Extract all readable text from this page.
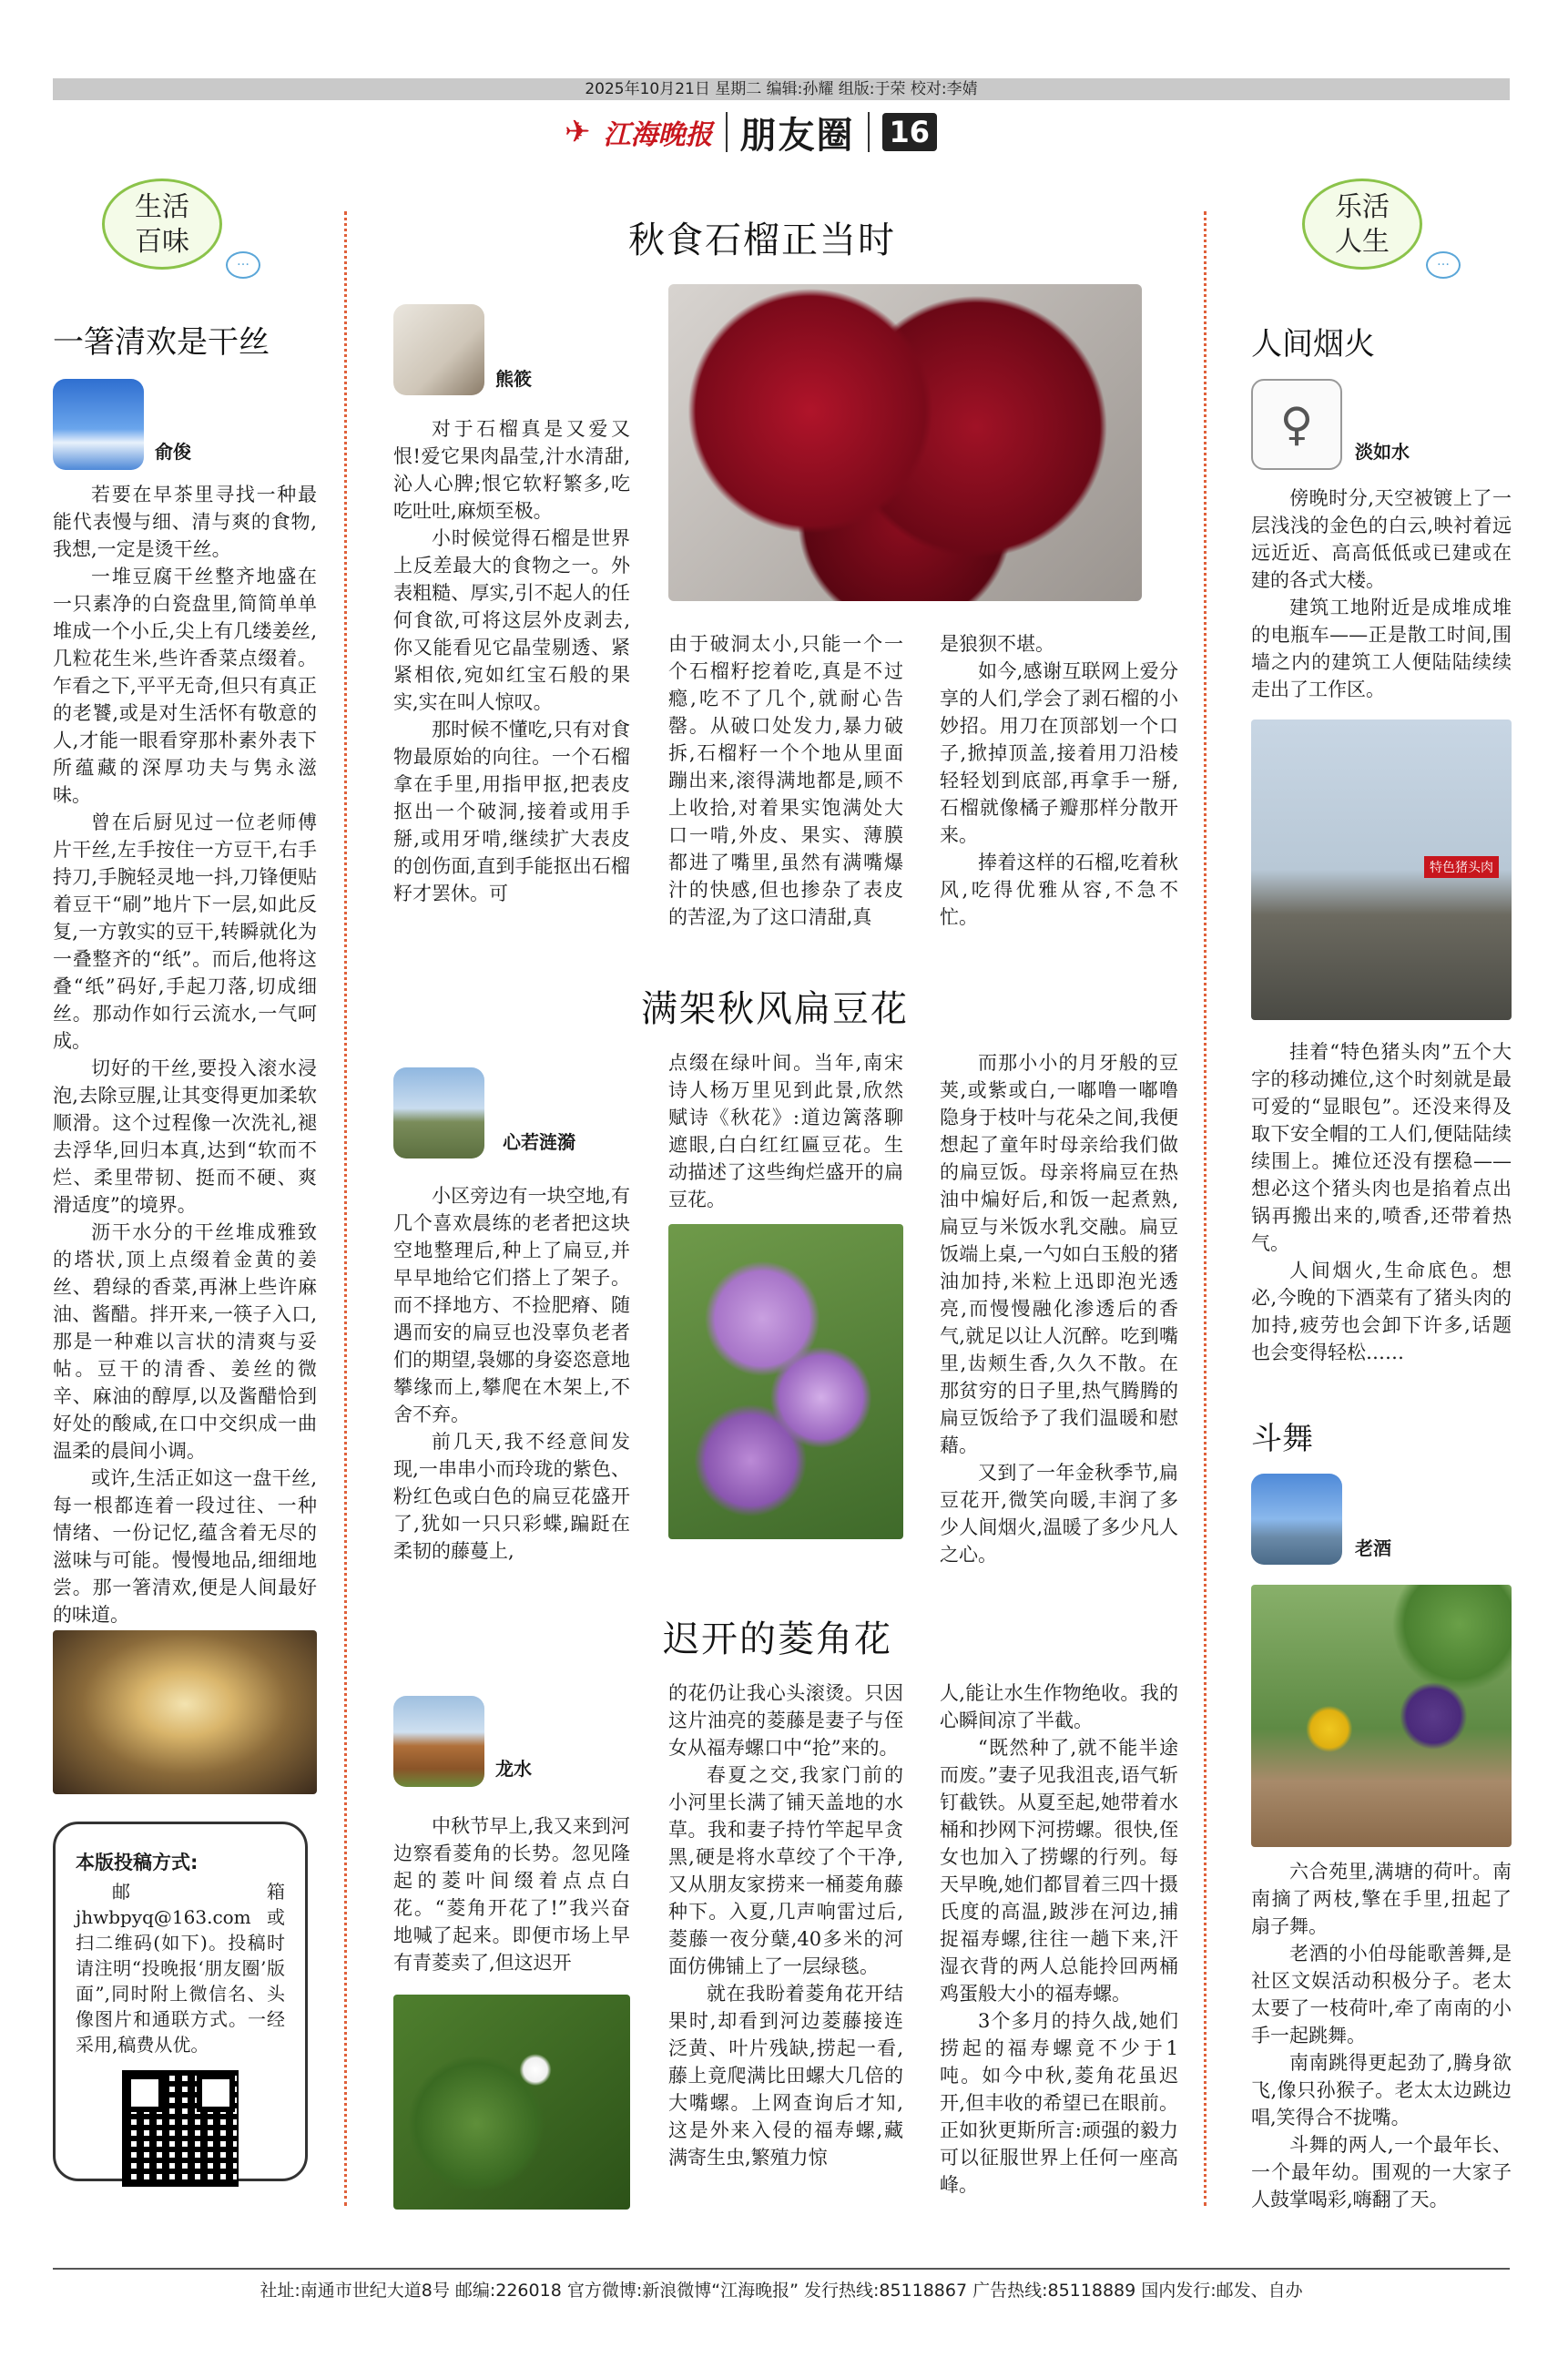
2025年10月21日 星期二 编辑:孙耀 组版:于荣 校对:李婧
✈ 江海晚报 朋友圈 16
生活
百味
…
一箸清欢是干丝
俞俊

若要在早茶里寻找一种最能代表慢与细、清与爽的食物,我想,一定是烫干丝。

一堆豆腐干丝整齐地盛在一只素净的白瓷盘里,简简单单堆成一个小丘,尖上有几缕姜丝,几粒花生米,些许香菜点缀着。乍看之下,平平无奇,但只有真正的老饕,或是对生活怀有敬意的人,才能一眼看穿那朴素外表下所蕴藏的深厚功夫与隽永滋味。

曾在后厨见过一位老师傅片干丝,左手按住一方豆干,右手持刀,手腕轻灵地一抖,刀锋便贴着豆干“刷”地片下一层,如此反复,一方敦实的豆干,转瞬就化为一叠整齐的“纸”。而后,他将这叠“纸”码好,手起刀落,切成细丝。那动作如行云流水,一气呵成。

切好的干丝,要投入滚水浸泡,去除豆腥,让其变得更加柔软顺滑。这个过程像一次洗礼,褪去浮华,回归本真,达到“软而不烂、柔里带韧、挺而不硬、爽滑适度”的境界。

沥干水分的干丝堆成雅致的塔状,顶上点缀着金黄的姜丝、碧绿的香菜,再淋上些许麻油、酱醋。拌开来,一筷子入口,那是一种难以言状的清爽与妥帖。豆干的清香、姜丝的微辛、麻油的醇厚,以及酱醋恰到好处的酸咸,在口中交织成一曲温柔的晨间小调。

或许,生活正如这一盘干丝,每一根都连着一段过往、一种情绪、一份记忆,蕴含着无尽的滋味与可能。慢慢地品,细细地尝。那一箸清欢,便是人间最好的味道。

本版投稿方式:
邮箱jhwbpyq@163.com或扫二维码(如下)。投稿时请注明“投晚报‘朋友圈’版面”,同时附上微信名、头像图片和通联方式。一经采用,稿费从优。
秋食石榴正当时
熊筱

对于石榴真是又爱又恨!爱它果肉晶莹,汁水清甜,沁人心脾;恨它软籽繁多,吃吃吐吐,麻烦至极。

小时候觉得石榴是世界上反差最大的食物之一。外表粗糙、厚实,引不起人的任何食欲,可将这层外皮剥去,你又能看见它晶莹剔透、紧紧相依,宛如红宝石般的果实,实在叫人惊叹。

那时候不懂吃,只有对食物最原始的向往。一个石榴拿在手里,用指甲抠,把表皮抠出一个破洞,接着或用手掰,或用牙啃,继续扩大表皮的创伤面,直到手能抠出石榴籽才罢休。可

由于破洞太小,只能一个一个石榴籽挖着吃,真是不过瘾,吃不了几个,就耐心告罄。从破口处发力,暴力破拆,石榴籽一个个地从里面蹦出来,滚得满地都是,顾不上收拾,对着果实饱满处大口一啃,外皮、果实、薄膜都进了嘴里,虽然有满嘴爆汁的快感,但也掺杂了表皮的苦涩,为了这口清甜,真

是狼狈不堪。

如今,感谢互联网上爱分享的人们,学会了剥石榴的小妙招。用刀在顶部划一个口子,掀掉顶盖,接着用刀沿棱轻轻划到底部,再拿手一掰,石榴就像橘子瓣那样分散开来。

捧着这样的石榴,吃着秋风,吃得优雅从容,不急不忙。

满架秋风扁豆花
心若涟漪

小区旁边有一块空地,有几个喜欢晨练的老者把这块空地整理后,种上了扁豆,并早早地给它们搭上了架子。而不择地方、不捡肥瘠、随遇而安的扁豆也没辜负老者们的期望,袅娜的身姿恣意地攀缘而上,攀爬在木架上,不舍不弃。

前几天,我不经意间发现,一串串小而玲珑的紫色、粉红色或白色的扁豆花盛开了,犹如一只只彩蝶,蹁跹在柔韧的藤蔓上,

点缀在绿叶间。当年,南宋诗人杨万里见到此景,欣然赋诗《秋花》:道边篱落聊遮眼,白白红红匾豆花。生动描述了这些绚烂盛开的扁豆花。

而那小小的月牙般的豆荚,或紫或白,一嘟噜一嘟噜隐身于枝叶与花朵之间,我便想起了童年时母亲给我们做的扁豆饭。母亲将扁豆在热油中煸好后,和饭一起煮熟,扁豆与米饭水乳交融。扁豆饭端上桌,一勺如白玉般的猪油加持,米粒上迅即泡光透亮,而慢慢融化渗透后的香气,就足以让人沉醉。吃到嘴里,齿颊生香,久久不散。在那贫穷的日子里,热气腾腾的扁豆饭给予了我们温暖和慰藉。

又到了一年金秋季节,扁豆花开,微笑向暖,丰润了多少人间烟火,温暖了多少凡人之心。

迟开的菱角花
龙水

中秋节早上,我又来到河边察看菱角的长势。忽见隆起的菱叶间缀着点点白花。“菱角开花了!”我兴奋地喊了起来。即便市场上早有青菱卖了,但这迟开

的花仍让我心头滚烫。只因这片油亮的菱藤是妻子与侄女从福寿螺口中“抢”来的。

春夏之交,我家门前的小河里长满了铺天盖地的水草。我和妻子持竹竿起早贪黑,硬是将水草绞了个干净,又从朋友家捞来一桶菱角藤种下。入夏,几声响雷过后,菱藤一夜分蘖,40多米的河面仿佛铺上了一层绿毯。

就在我盼着菱角花开结果时,却看到河边菱藤接连泛黄、叶片残缺,捞起一看,藤上竟爬满比田螺大几倍的大嘴螺。上网查询后才知,这是外来入侵的福寿螺,藏满寄生虫,繁殖力惊

人,能让水生作物绝收。我的心瞬间凉了半截。

“既然种了,就不能半途而废。”妻子见我沮丧,语气斩钉截铁。从夏至起,她带着水桶和抄网下河捞螺。很快,侄女也加入了捞螺的行列。每天早晚,她们都冒着三四十摄氏度的高温,跛涉在河边,捕捉福寿螺,往往一趟下来,汗湿衣背的两人总能拎回两桶鸡蛋般大小的福寿螺。

3个多月的持久战,她们捞起的福寿螺竟不少于1吨。如今中秋,菱角花虽迟开,但丰收的希望已在眼前。正如狄更斯所言:顽强的毅力可以征服世界上任何一座高峰。

乐活
人生
…
人间烟火
♀
淡如水

傍晚时分,天空被镀上了一层浅浅的金色的白云,映衬着远远近近、高高低低或已建或在建的各式大楼。

建筑工地附近是成堆成堆的电瓶车——正是散工时间,围墙之内的建筑工人便陆陆续续走出了工作区。

特色猪头肉

挂着“特色猪头肉”五个大字的移动摊位,这个时刻就是最可爱的“显眼包”。还没来得及取下安全帽的工人们,便陆陆续续围上。摊位还没有摆稳——想必这个猪头肉也是掐着点出锅再搬出来的,喷香,还带着热气。

人间烟火,生命底色。想必,今晚的下酒菜有了猪头肉的加持,疲劳也会卸下许多,话题也会变得轻松……

斗舞
老酒

六合苑里,满塘的荷叶。南南摘了两枝,擎在手里,扭起了扇子舞。

老酒的小伯母能歌善舞,是社区文娱活动积极分子。老太太要了一枝荷叶,牵了南南的小手一起跳舞。

南南跳得更起劲了,腾身欲飞,像只孙猴子。老太太边跳边唱,笑得合不拢嘴。

斗舞的两人,一个最年长、一个最年幼。围观的一大家子人鼓掌喝彩,嗨翻了天。

社址:南通市世纪大道8号 邮编:226018 官方微博:新浪微博“江海晚报” 发行热线:85118867 广告热线:85118889 国内发行:邮发、自办
